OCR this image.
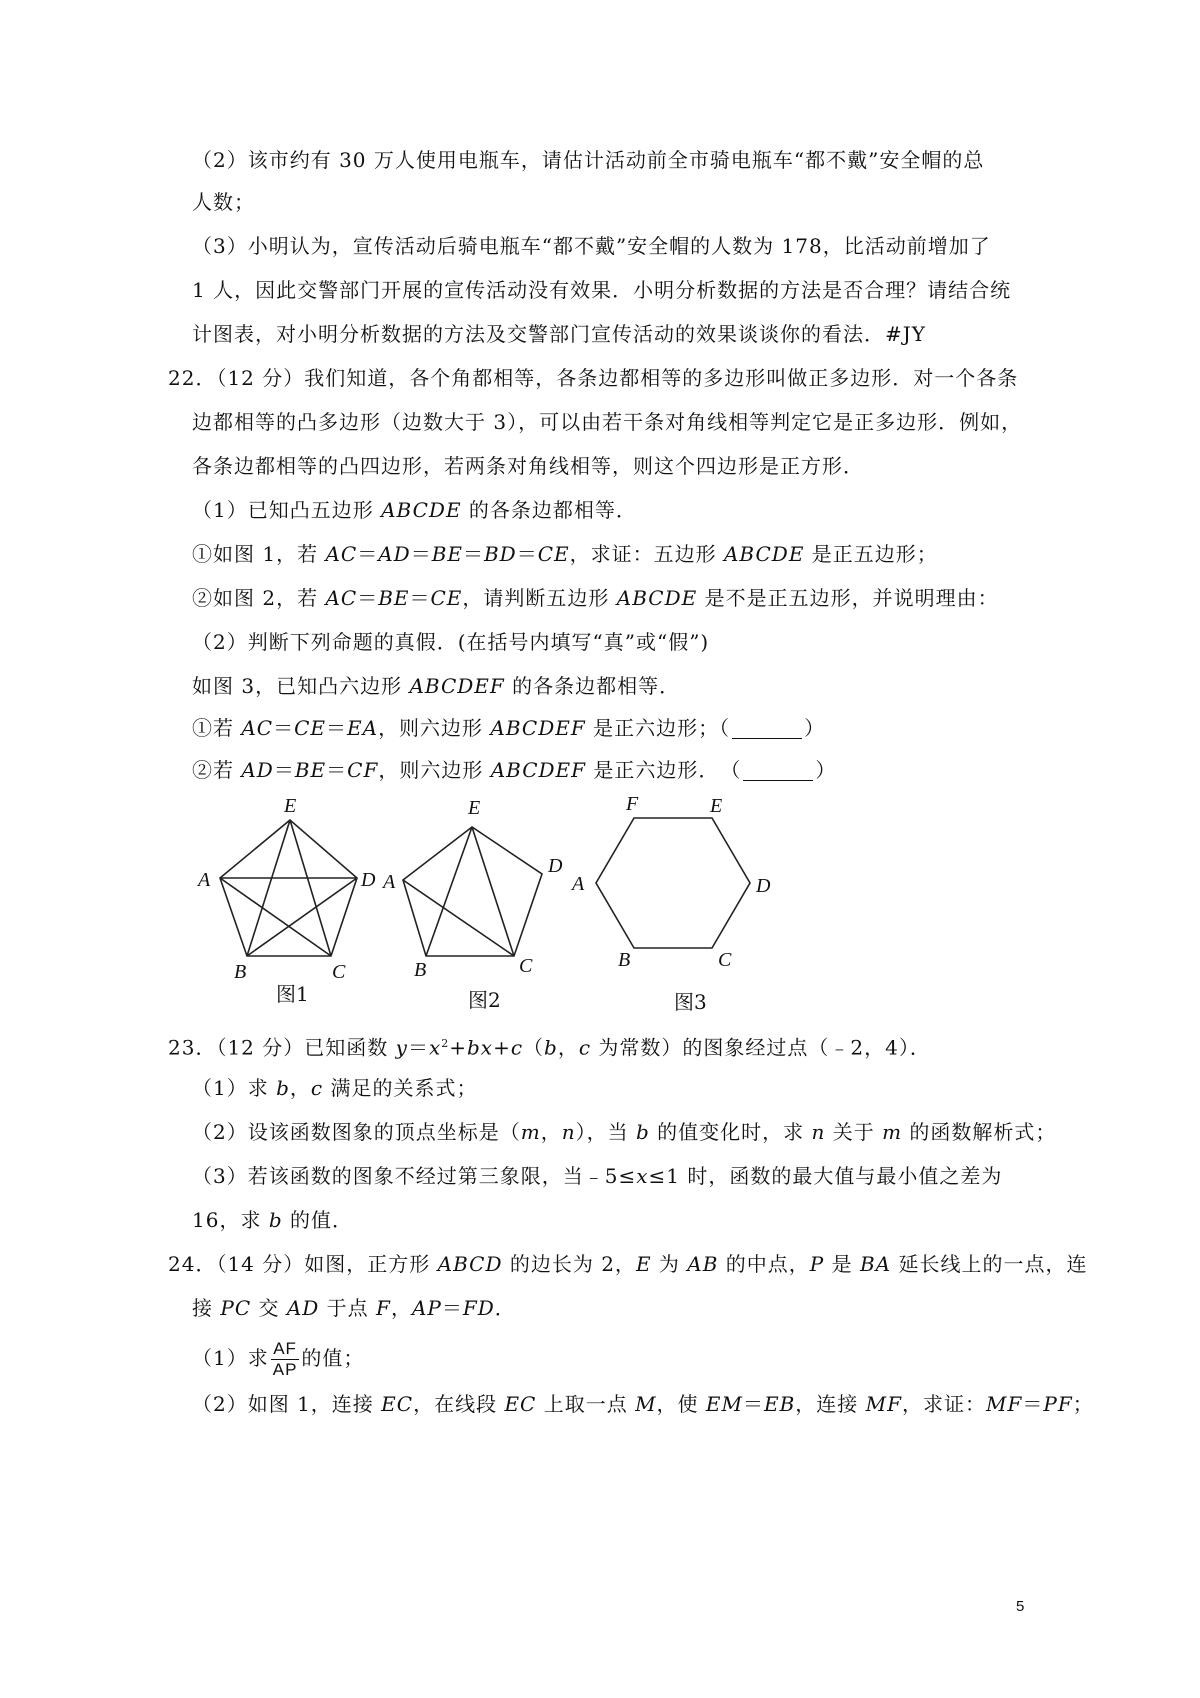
（2）该市约有 30 万人使用电瓶车，请估计活动前全市骑电瓶车“都不戴”安全帽的总
人数；
（3）小明认为，宣传活动后骑电瓶车“都不戴”安全帽的人数为 178，比活动前增加了
1 人，因此交警部门开展的宣传活动没有效果．小明分析数据的方法是否合理？请结合统
计图表，对小明分析数据的方法及交警部门宣传活动的效果谈谈你的看法．#JY
22．（12 分）我们知道，各个角都相等，各条边都相等的多边形叫做正多边形．对一个各条
边都相等的凸多边形（边数大于 3），可以由若干条对角线相等判定它是正多边形．例如，
各条边都相等的凸四边形，若两条对角线相等，则这个四边形是正方形．
（1）已知凸五边形 ABCDE 的各条边都相等．
①如图 1，若 AC＝AD＝BE＝BD＝CE，求证：五边形 ABCDE 是正五边形；
②如图 2，若 AC＝BE＝CE，请判断五边形 ABCDE 是不是正五边形，并说明理由：
（2）判断下列命题的真假．(在括号内填写“真”或“假”)
如图 3，已知凸六边形 ABCDEF 的各条边都相等．
①若 AC＝CE＝EA，则六边形 ABCDEF 是正六边形；（	）
②若 AD＝BE＝CF，则六边形 ABCDEF 是正六边形．　（	）
E
A	D
B	C
E
A
D
B	C
F	E
A	D
B	C
图1	图2	图3
23．（12 分）已知函数 $y=x^2+bx+c(b$，c 为常数）的图象经过点（﹣2，4）．
（1）求 b，c 满足的关系式；
（2）设该函数图象的顶点坐标是（m，n），当 b 的值变化时，求 n 关于 m 的函数解析式；
（3）若该函数的图象不经过第三象限，当﹣5≤x≤1 时，函数的最大值与最小值之差为
16，求 b 的值．
24．（14 分）如图，正方形 ABCD 的边长为 2，E 为 AB 的中点，P 是 BA 延长线上的一点，连
接 PC 交 AD 于点 F，AP＝FD．
（1）求 $\frac{AF}{AP}$ 的值；
（2）如图 1，连接 EC，在线段 EC 上取一点 M，使 EM＝EB，连接 MF，求证：MF＝PF；
5
